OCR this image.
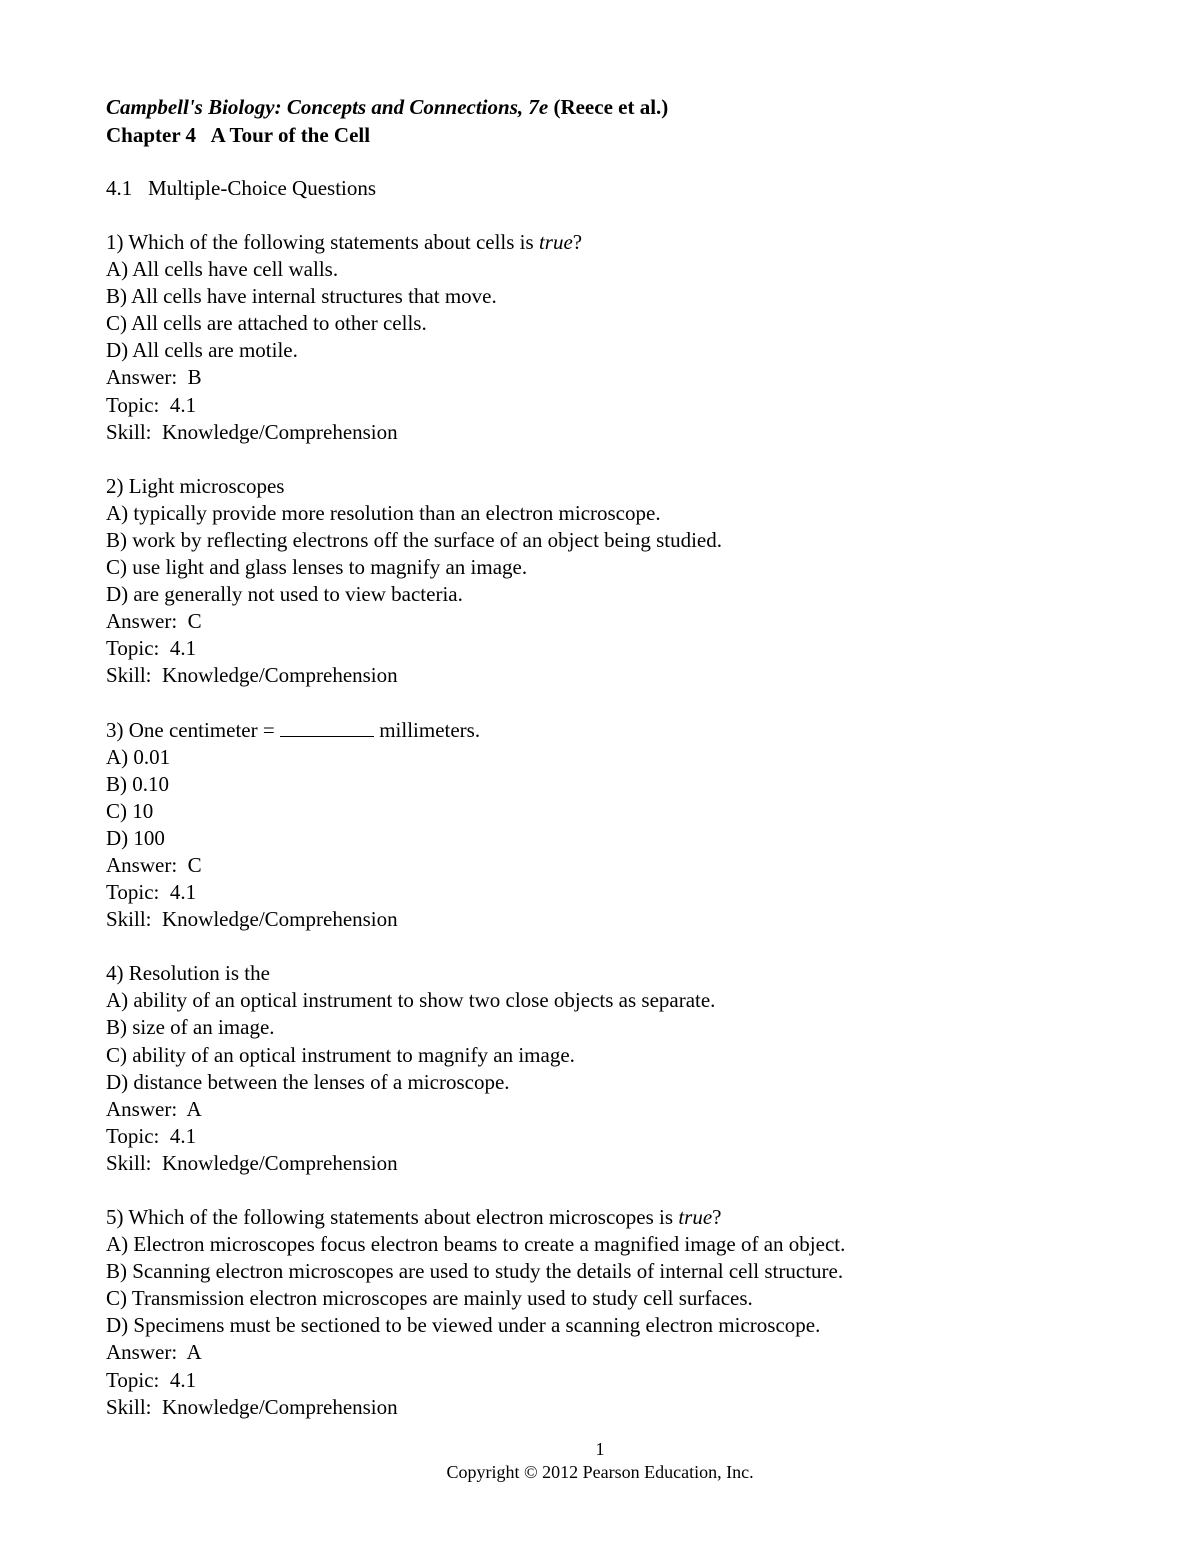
Campbell's Biology: Concepts and Connections, 7e (Reece et al.)
Chapter 4   A Tour of the Cell
4.1   Multiple-Choice Questions
1) Which of the following statements about cells is true?
A) All cells have cell walls.
B) All cells have internal structures that move.
C) All cells are attached to other cells.
D) All cells are motile.
Answer:  B
Topic:  4.1
Skill:  Knowledge/Comprehension
2) Light microscopes
A) typically provide more resolution than an electron microscope.
B) work by reflecting electrons off the surface of an object being studied.
C) use light and glass lenses to magnify an image.
D) are generally not used to view bacteria.
Answer:  C
Topic:  4.1
Skill:  Knowledge/Comprehension
3) One centimeter =	millimeters.
A) 0.01
B) 0.10
C) 10
D) 100
Answer:  C
Topic:  4.1
Skill:  Knowledge/Comprehension
4) Resolution is the
A) ability of an optical instrument to show two close objects as separate.
B) size of an image.
C) ability of an optical instrument to magnify an image.
D) distance between the lenses of a microscope.
Answer:  A
Topic:  4.1
Skill:  Knowledge/Comprehension
5) Which of the following statements about electron microscopes is true?
A) Electron microscopes focus electron beams to create a magnified image of an object.
B) Scanning electron microscopes are used to study the details of internal cell structure.
C) Transmission electron microscopes are mainly used to study cell surfaces.
D) Specimens must be sectioned to be viewed under a scanning electron microscope.
Answer:  A
Topic:  4.1
Skill:  Knowledge/Comprehension
1
Copyright © 2012 Pearson Education, Inc.
